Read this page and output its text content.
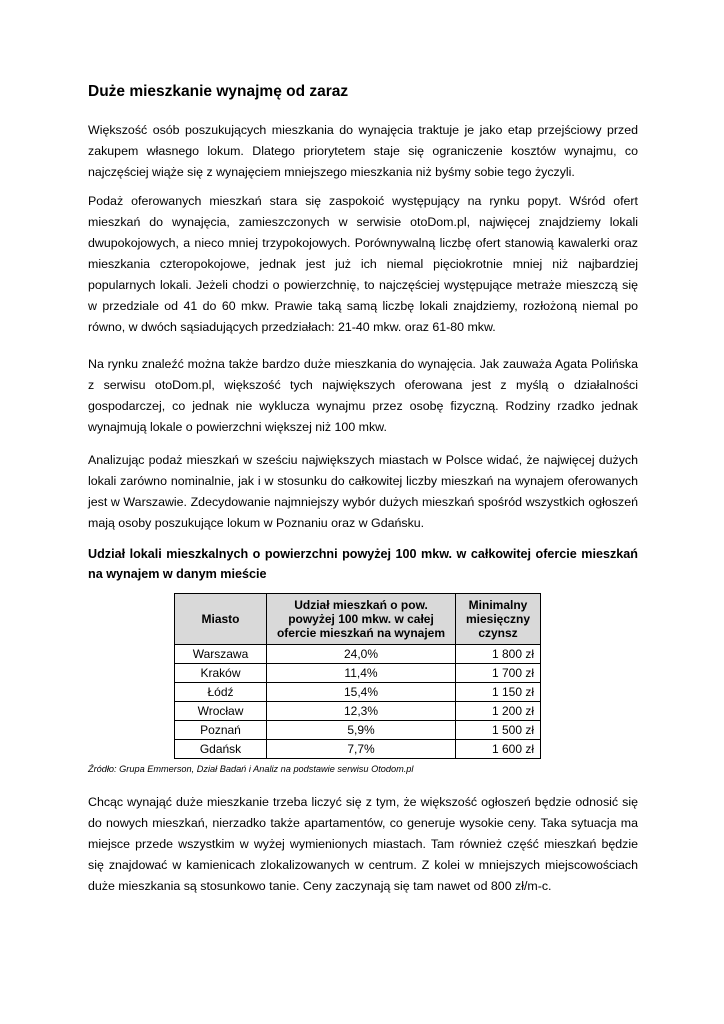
Duże mieszkanie wynajmę od zaraz

Większość osób poszukujących mieszkania do wynajęcia traktuje je jako etap przejściowy przed zakupem własnego lokum. Dlatego priorytetem staje się ograniczenie kosztów wynajmu, co najczęściej wiąże się z wynajęciem mniejszego mieszkania niż byśmy sobie tego życzyli.

Podaż oferowanych mieszkań stara się zaspokoić występujący na rynku popyt. Wśród ofert mieszkań do wynajęcia, zamieszczonych w serwisie otoDom.pl, najwięcej znajdziemy lokali dwupokojowych, a nieco mniej trzypokojowych. Porównywalną liczbę ofert stanowią kawalerki oraz mieszkania czteropokojowe, jednak jest już ich niemal pięciokrotnie mniej niż najbardziej popularnych lokali. Jeżeli chodzi o powierzchnię, to najczęściej występujące metraże mieszczą się w przedziale od 41 do 60 mkw. Prawie taką samą liczbę lokali znajdziemy, rozłożoną niemal po równo, w dwóch sąsiadujących przedziałach: 21-40 mkw. oraz 61-80 mkw.

Na rynku znaleźć można także bardzo duże mieszkania do wynajęcia. Jak zauważa Agata Polińska z serwisu otoDom.pl, większość tych największych oferowana jest z myślą o działalności gospodarczej, co jednak nie wyklucza wynajmu przez osobę fizyczną. Rodziny rzadko jednak wynajmują lokale o powierzchni większej niż 100 mkw.

Analizując podaż mieszkań w sześciu największych miastach w Polsce widać, że najwięcej dużych lokali zarówno nominalnie, jak i w stosunku do całkowitej liczby mieszkań na wynajem oferowanych jest w Warszawie. Zdecydowanie najmniejszy wybór dużych mieszkań spośród wszystkich ogłoszeń mają osoby poszukujące lokum w Poznaniu oraz w Gdańsku.

Udział lokali mieszkalnych o powierzchni powyżej 100 mkw. w całkowitej ofercie mieszkań na wynajem w danym mieście

Miasto	Udział mieszkań o pow. powyżej 100 mkw. w całej ofercie mieszkań na wynajem	Minimalny miesięczny czynsz
Warszawa	24,0%	1 800 zł
Kraków	11,4%	1 700 zł
Łódź	15,4%	1 150 zł
Wrocław	12,3%	1 200 zł
Poznań	5,9%	1 500 zł
Gdańsk	7,7%	1 600 zł

Źródło: Grupa Emmerson, Dział Badań i Analiz na podstawie serwisu Otodom.pl

Chcąc wynająć duże mieszkanie trzeba liczyć się z tym, że większość ogłoszeń będzie odnosić się do nowych mieszkań, nierzadko także apartamentów, co generuje wysokie ceny. Taka sytuacja ma miejsce przede wszystkim w wyżej wymienionych miastach. Tam również część mieszkań będzie się znajdować w kamienicach zlokalizowanych w centrum. Z kolei w mniejszych miejscowościach duże mieszkania są stosunkowo tanie. Ceny zaczynają się tam nawet od 800 zł/m-c.
